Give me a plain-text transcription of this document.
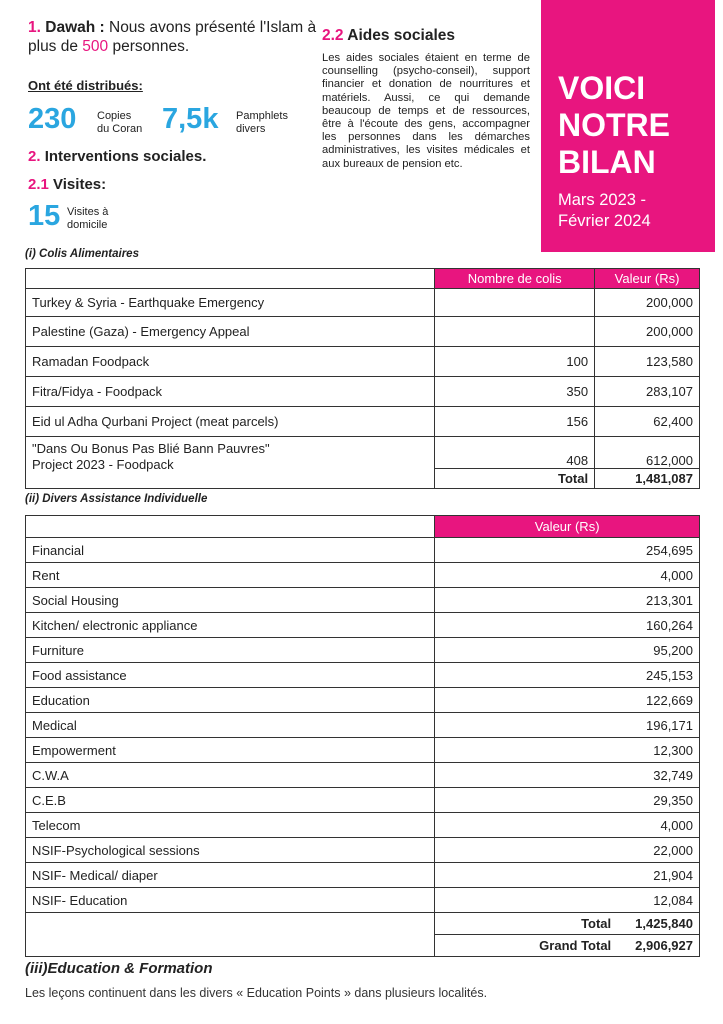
1. Dawah : Nous avons présenté l'Islam à plus de 500 personnes.
Ont été distribués:
230 Copies
du Coran 7,5k Pamphlets
divers
2. Interventions sociales.
2.1 Visites:
15 Visites à
domicile
2.2 Aides sociales
Les aides sociales étaient en terme de counselling (psycho-conseil), support financier et donation de nourritures et matériels. Aussi, ce qui demande beaucoup de temps et de ressources, être à l'écoute des gens, accompagner les personnes dans les démarches administratives, les visites médicales et aux bureaux de pension etc.
VOICI
NOTRE
BILAN
Mars 2023 -
Février 2024
(i) Colis Alimentaires
	Nombre de colis	Valeur (Rs)
Turkey & Syria - Earthquake Emergency		200,000
Palestine (Gaza) - Emergency Appeal		200,000
Ramadan Foodpack	100	123,580
Fitra/Fidya - Foodpack	350	283,107
Eid ul Adha Qurbani Project (meat parcels)	156	62,400

"Dans Ou Bonus Pas Blié Bann Pauvres"
Project 2023 - Foodpack	408	612,000
	Total	1,481,087
(ii) Divers Assistance Individuelle
	Valeur (Rs)
Financial	254,695
Rent	4,000
Social Housing	213,301
Kitchen/ electronic appliance	160,264
Furniture	95,200
Food assistance	245,153
Education	122,669
Medical	196,171
Empowerment	12,300
C.W.A	32,749
C.E.B	29,350
Telecom	4,000
NSIF-Psychological sessions	22,000
NSIF- Medical/ diaper	21,904
NSIF- Education	12,084

	Total 1,425,840

	Grand Total 2,906,927
(iii)Education & Formation
Les leçons continuent dans les divers « Education Points » dans plusieurs localités.
